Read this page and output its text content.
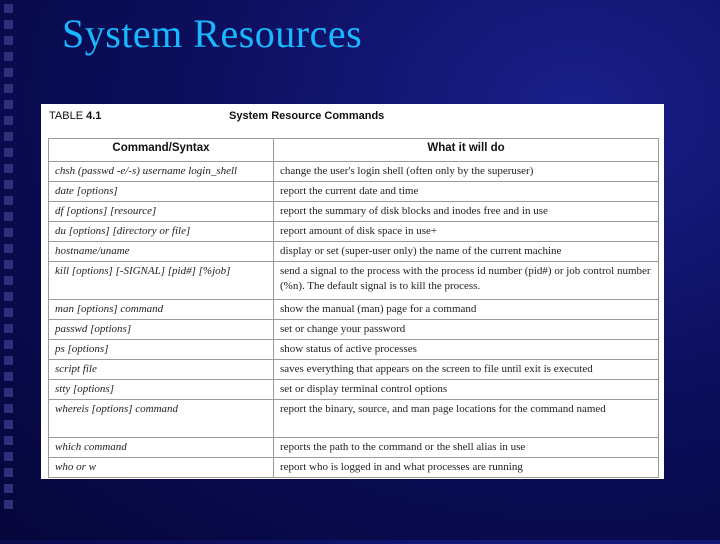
System Resources
TABLE 4.1	System Resource Commands
Command/Syntax	What it will do
chsh (passwd -e/-s) username login_shell	change the user's login shell (often only by the superuser)
date [options]	report the current date and time
df [options] [resource]	report the summary of disk blocks and inodes free and in use
du [options] [directory or file]	report amount of disk space in use+
hostname/uname	display or set (super-user only) the name of the current machine
kill [options] [-SIGNAL] [pid#] [%job]	send a signal to the process with the process id number (pid#) or job control number (%n). The default signal is to kill the process.
man [options] command	show the manual (man) page for a command
passwd [options]	set or change your password
ps [options]	show status of active processes
script file	saves everything that appears on the screen to file until exit is executed
stty [options]	set or display terminal control options
whereis [options] command	report the binary, source, and man page locations for the command named
which command	reports the path to the command or the shell alias in use
who or w	report who is logged in and what processes are running
